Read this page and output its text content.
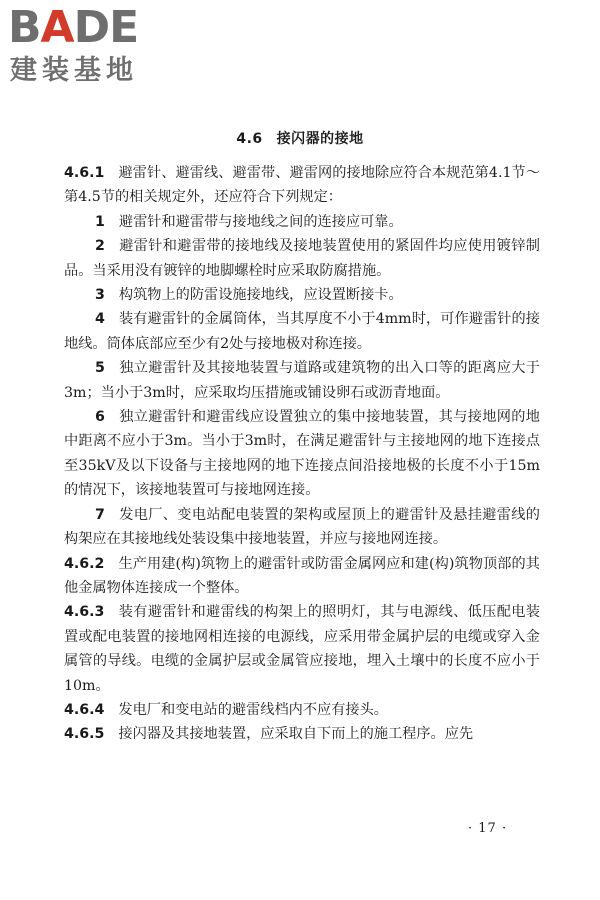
BADE
建装基地
4.6 接闪器的接地

4.6.1 避雷针、避雷线、避雷带、避雷网的接地除应符合本规范第4.1节～第4.5节的相关规定外，还应符合下列规定：

1 避雷针和避雷带与接地线之间的连接应可靠。

2 避雷针和避雷带的接地线及接地装置使用的紧固件均应使用镀锌制品。当采用没有镀锌的地脚螺栓时应采取防腐措施。

3 构筑物上的防雷设施接地线，应设置断接卡。

4 装有避雷针的金属筒体，当其厚度不小于4mm时，可作避雷针的接地线。筒体底部应至少有2处与接地极对称连接。

5 独立避雷针及其接地装置与道路或建筑物的出入口等的距离应大于3m；当小于3m时，应采取均压措施或铺设卵石或沥青地面。

6 独立避雷针和避雷线应设置独立的集中接地装置，其与接地网的地中距离不应小于3m。当小于3m时，在满足避雷针与主接地网的地下连接点至35kV及以下设备与主接地网的地下连接点间沿接地极的长度不小于15m的情况下，该接地装置可与接地网连接。

7 发电厂、变电站配电装置的架构或屋顶上的避雷针及悬挂避雷线的构架应在其接地线处装设集中接地装置，并应与接地网连接。

4.6.2 生产用建(构)筑物上的避雷针或防雷金属网应和建(构)筑物顶部的其他金属物体连接成一个整体。

4.6.3 装有避雷针和避雷线的构架上的照明灯，其与电源线、低压配电装置或配电装置的接地网相连接的电源线，应采用带金属护层的电缆或穿入金属管的导线。电缆的金属护层或金属管应接地，埋入土壤中的长度不应小于10m。

4.6.4 发电厂和变电站的避雷线档内不应有接头。

4.6.5 接闪器及其接地装置，应采取自下而上的施工程序。应先

· 17 ·
